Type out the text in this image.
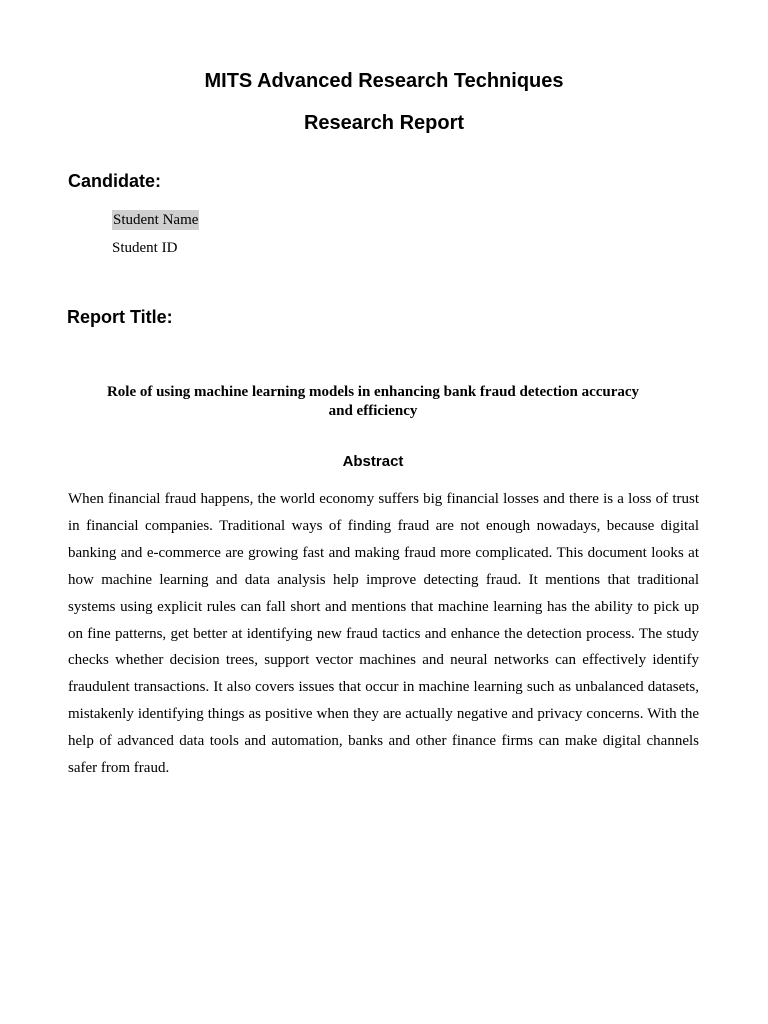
MITS Advanced Research Techniques
Research Report
Candidate:
Student Name
Student ID
Report Title:
Role of using machine learning models in enhancing bank fraud detection accuracy and efficiency
Abstract

When financial fraud happens, the world economy suffers big financial losses and there is a loss of trust in financial companies. Traditional ways of finding fraud are not enough nowadays, because digital banking and e-commerce are growing fast and making fraud more complicated. This document looks at how machine learning and data analysis help improve detecting fraud. It mentions that traditional systems using explicit rules can fall short and mentions that machine learning has the ability to pick up on fine patterns, get better at identifying new fraud tactics and enhance the detection process. The study checks whether decision trees, support vector machines and neural networks can effectively identify fraudulent transactions. It also covers issues that occur in machine learning such as unbalanced datasets, mistakenly identifying things as positive when they are actually negative and privacy concerns. With the help of advanced data tools and automation, banks and other finance firms can make digital channels safer from fraud.
